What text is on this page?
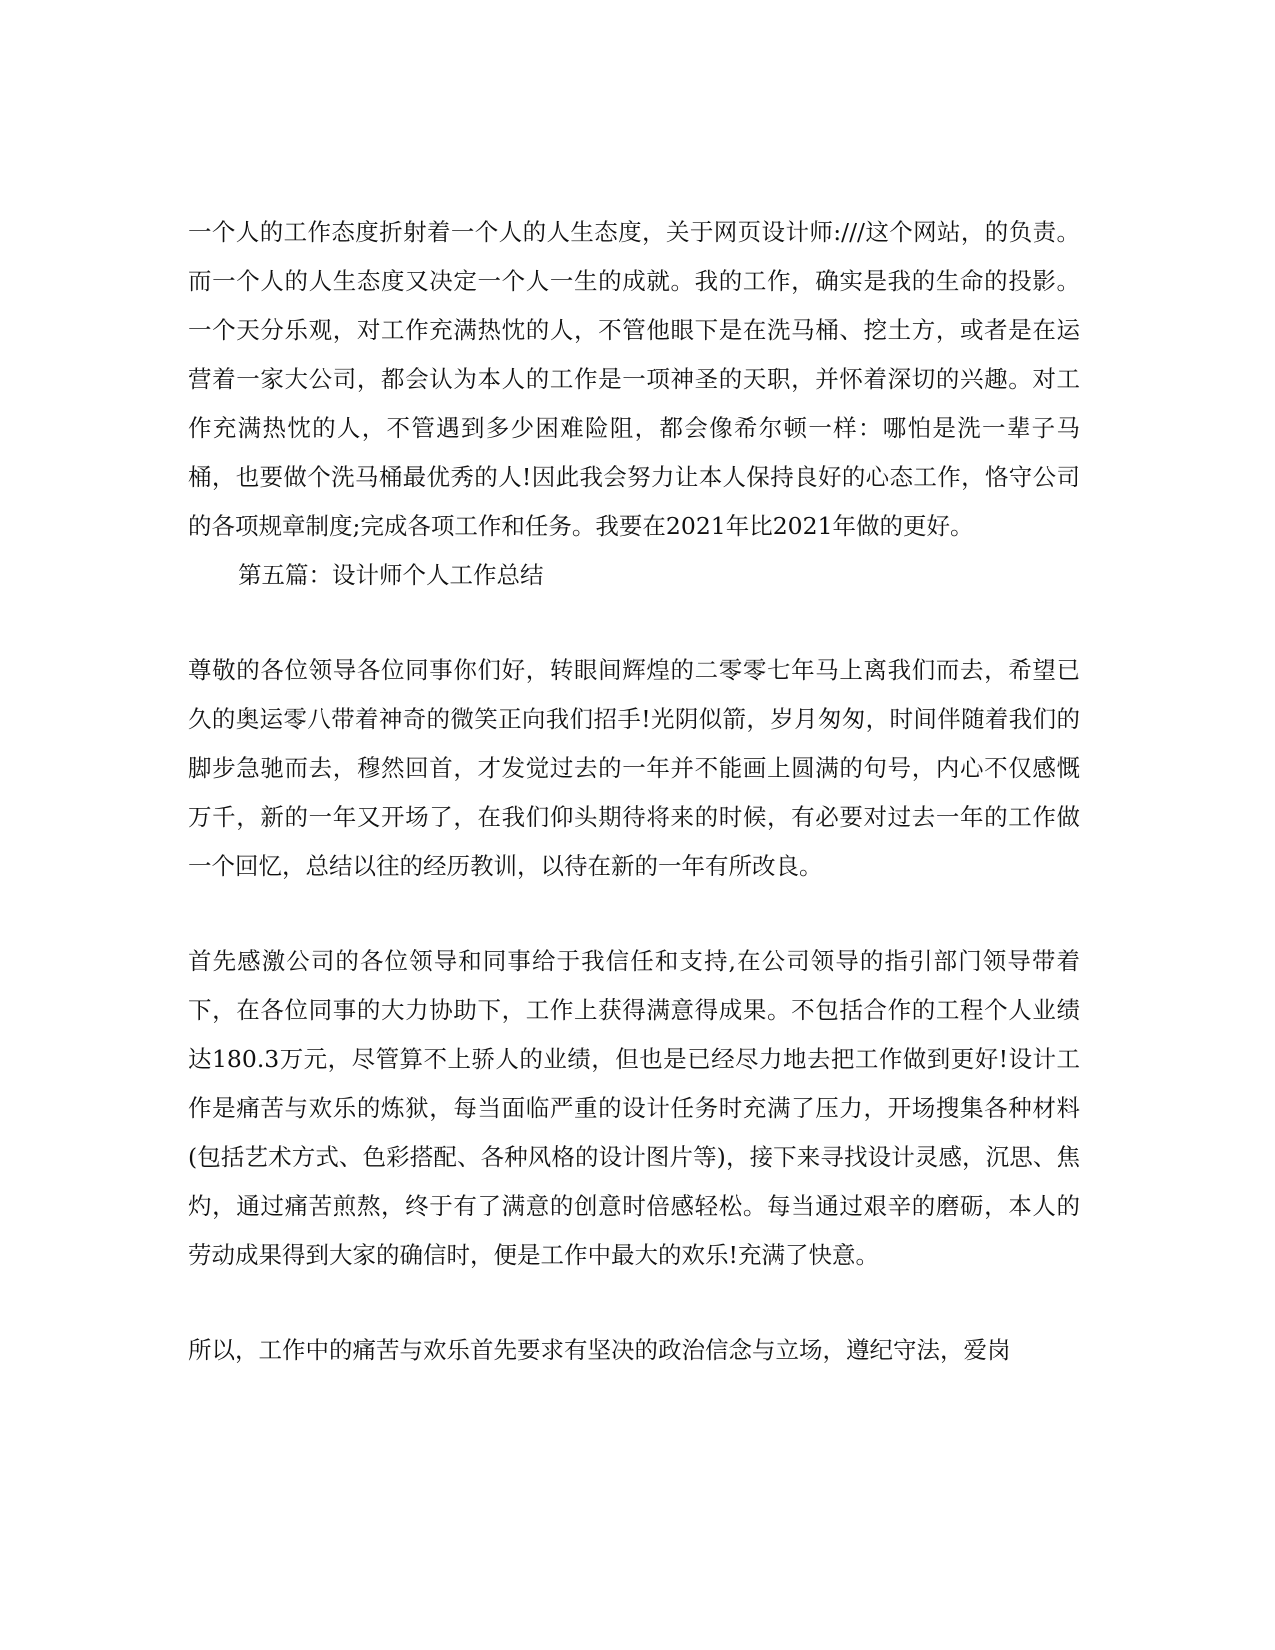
一个人的工作态度折射着一个人的人生态度，关于网页设计师:///这个网站，的负责。而一个人的人生态度又决定一个人一生的成就。我的工作，确实是我的生命的投影。一个天分乐观，对工作充满热忱的人，不管他眼下是在洗马桶、挖土方，或者是在运营着一家大公司，都会认为本人的工作是一项神圣的天职，并怀着深切的兴趣。对工作充满热忱的人，不管遇到多少困难险阻，都会像希尔顿一样：哪怕是洗一辈子马桶，也要做个洗马桶最优秀的人!因此我会努力让本人保持良好的心态工作，恪守公司的各项规章制度;完成各项工作和任务。我要在2021年比2021年做的更好。

第五篇：设计师个人工作总结

尊敬的各位领导各位同事你们好，转眼间辉煌的二零零七年马上离我们而去，希望已久的奥运零八带着神奇的微笑正向我们招手!光阴似箭，岁月匆匆，时间伴随着我们的脚步急驰而去，穆然回首，才发觉过去的一年并不能画上圆满的句号，内心不仅感慨万千，新的一年又开场了，在我们仰头期待将来的时候，有必要对过去一年的工作做一个回忆，总结以往的经历教训，以待在新的一年有所改良。

首先感激公司的各位领导和同事给于我信任和支持,在公司领导的指引部门领导带着下，在各位同事的大力协助下，工作上获得满意得成果。不包括合作的工程个人业绩达180.3万元，尽管算不上骄人的业绩，但也是已经尽力地去把工作做到更好!设计工作是痛苦与欢乐的炼狱，每当面临严重的设计任务时充满了压力，开场搜集各种材料(包括艺术方式、色彩搭配、各种风格的设计图片等)，接下来寻找设计灵感，沉思、焦灼，通过痛苦煎熬，终于有了满意的创意时倍感轻松。每当通过艰辛的磨砺，本人的劳动成果得到大家的确信时，便是工作中最大的欢乐!充满了快意。

所以，工作中的痛苦与欢乐首先要求有坚决的政治信念与立场，遵纪守法，爱岗
